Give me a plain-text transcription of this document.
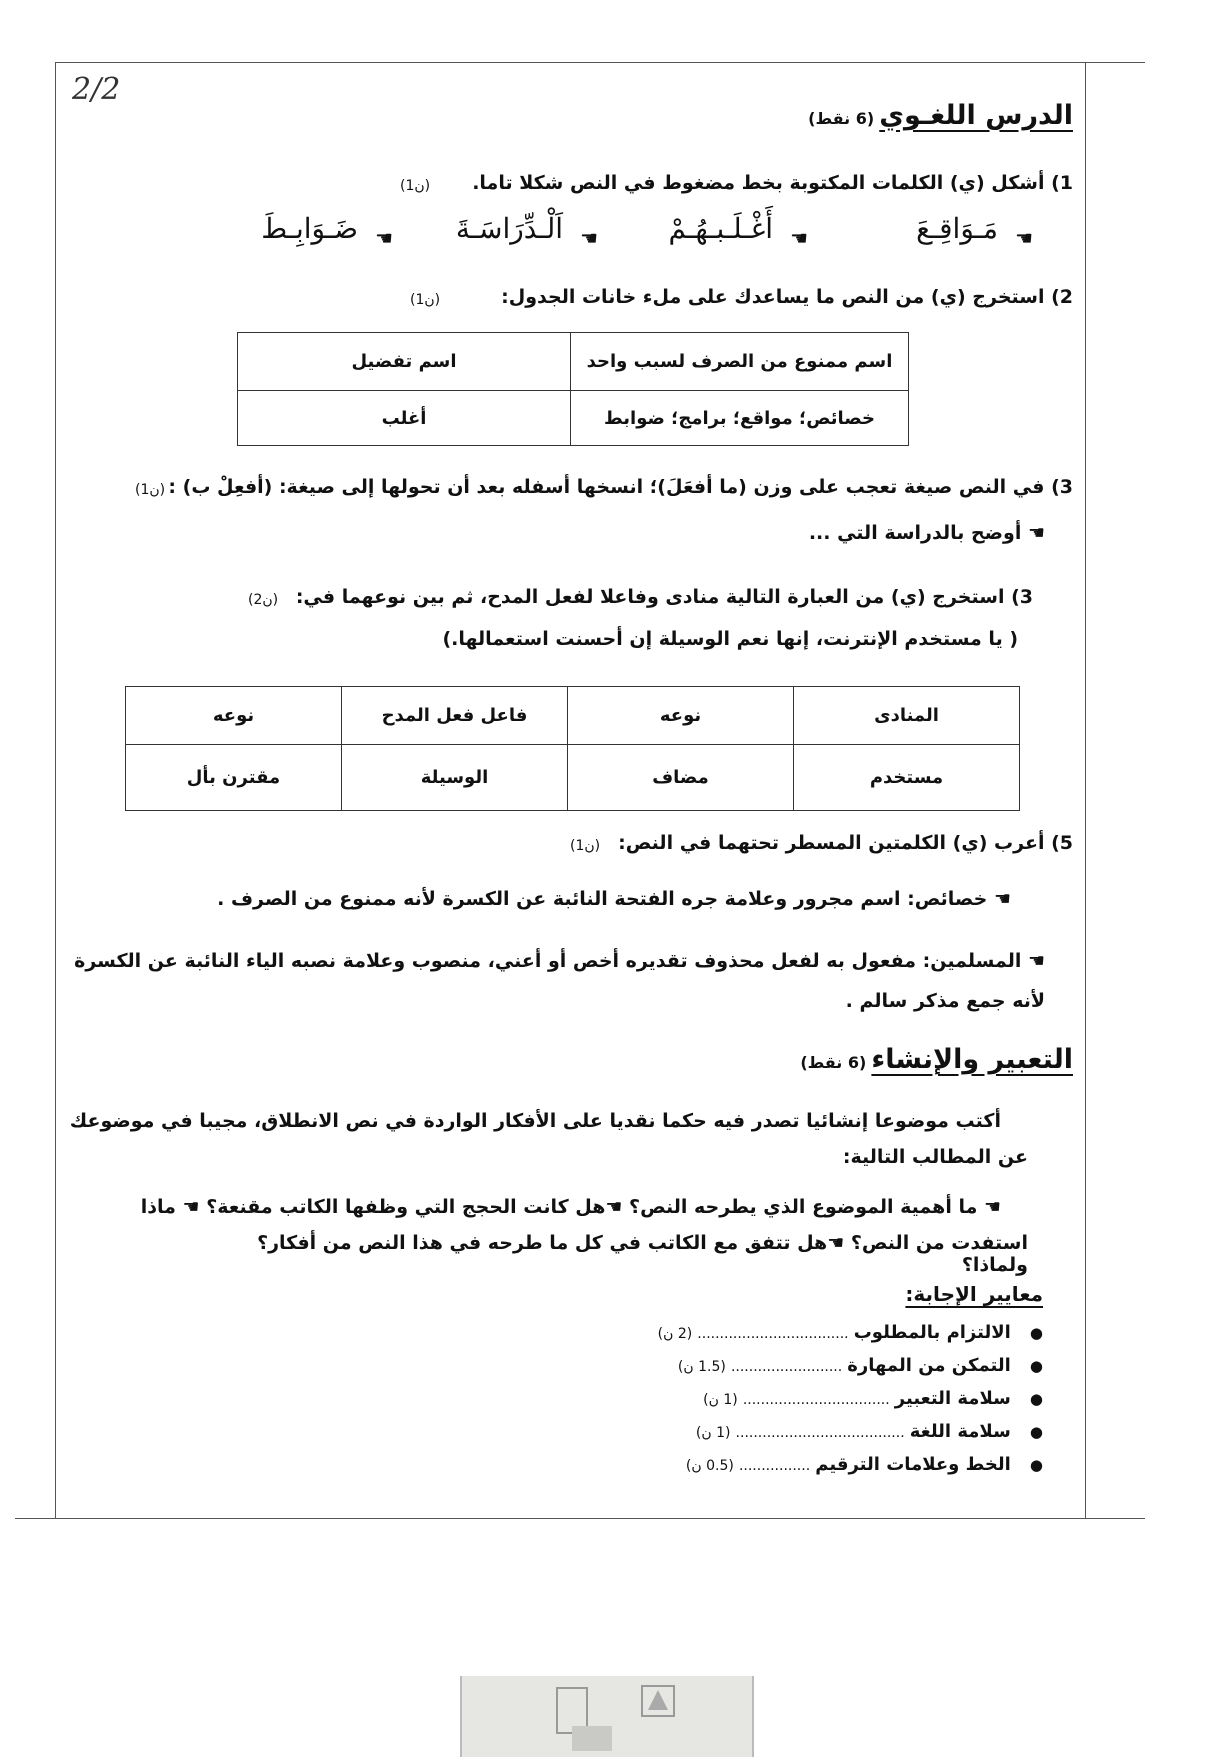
2/2
الدرس اللغـوي (6 نقط)
1) أشكل (ي) الكلمات المكتوبة بخط مضغوط في النص شكلا تاما.
(1ن)
☚
مَـوَاقِـعَ
☚
أَغْـلَـبـهُـمْ
☚
اَلْـدِّرَاسَـةَ
☚
ضَـوَابِـطَ
2) استخرج (ي) من النص ما يساعدك على ملء خانات الجدول:
(1ن)
اسم ممنوع من الصرف لسبب واحد	اسم تفضيل
خصائص؛ مواقع؛ برامج؛ ضوابط	أغلب
3) في النص صيغة تعجب على وزن (ما أفعَلَ)؛ انسخها أسفله بعد أن تحولها إلى صيغة: (أفعِلْ ب) :
(1ن)
☚ أوضح بالدراسة التي ...
3) استخرج (ي) من العبارة التالية منادى وفاعلا لفعل المدح، ثم بين نوعهما في:
(2ن)
( يا مستخدم الإنترنت، إنها نعم الوسيلة إن أحسنت استعمالها.)
المنادى	نوعه	فاعل فعل المدح	نوعه
مستخدم	مضاف	الوسيلة	مقترن بأل
5) أعرب (ي) الكلمتين المسطر تحتهما في النص:
(1ن)
☚ خصائص: اسم مجرور وعلامة جره الفتحة النائبة عن الكسرة لأنه ممنوع من الصرف .
☚ المسلمين: مفعول به لفعل محذوف تقديره أخص أو أعني، منصوب وعلامة نصبه الياء النائبة عن الكسرة
لأنه جمع مذكر سالم .
التعبير والإنشاء (6 نقط)
أكتب موضوعا إنشائيا تصدر فيه حكما نقديا على الأفكار الواردة في نص الانطلاق، مجيبا في موضوعك
عن المطالب التالية:
☚ ما أهمية الموضوع الذي يطرحه النص؟ ☚هل كانت الحجج التي وظفها الكاتب مقنعة؟ ☚ ماذا
استفدت من النص؟ ☚هل تتفق مع الكاتب في كل ما طرحه في هذا النص من أفكار؟ ولماذا؟
معايير الإجابة:
● الالتزام بالمطلوب .................................. (2 ن)
● التمكن من المهارة ......................... (1.5 ن)
● سلامة التعبير ................................. (1 ن)
● سلامة اللغة ...................................... (1 ن)
● الخط وعلامات الترقيم ................ (0.5 ن)
